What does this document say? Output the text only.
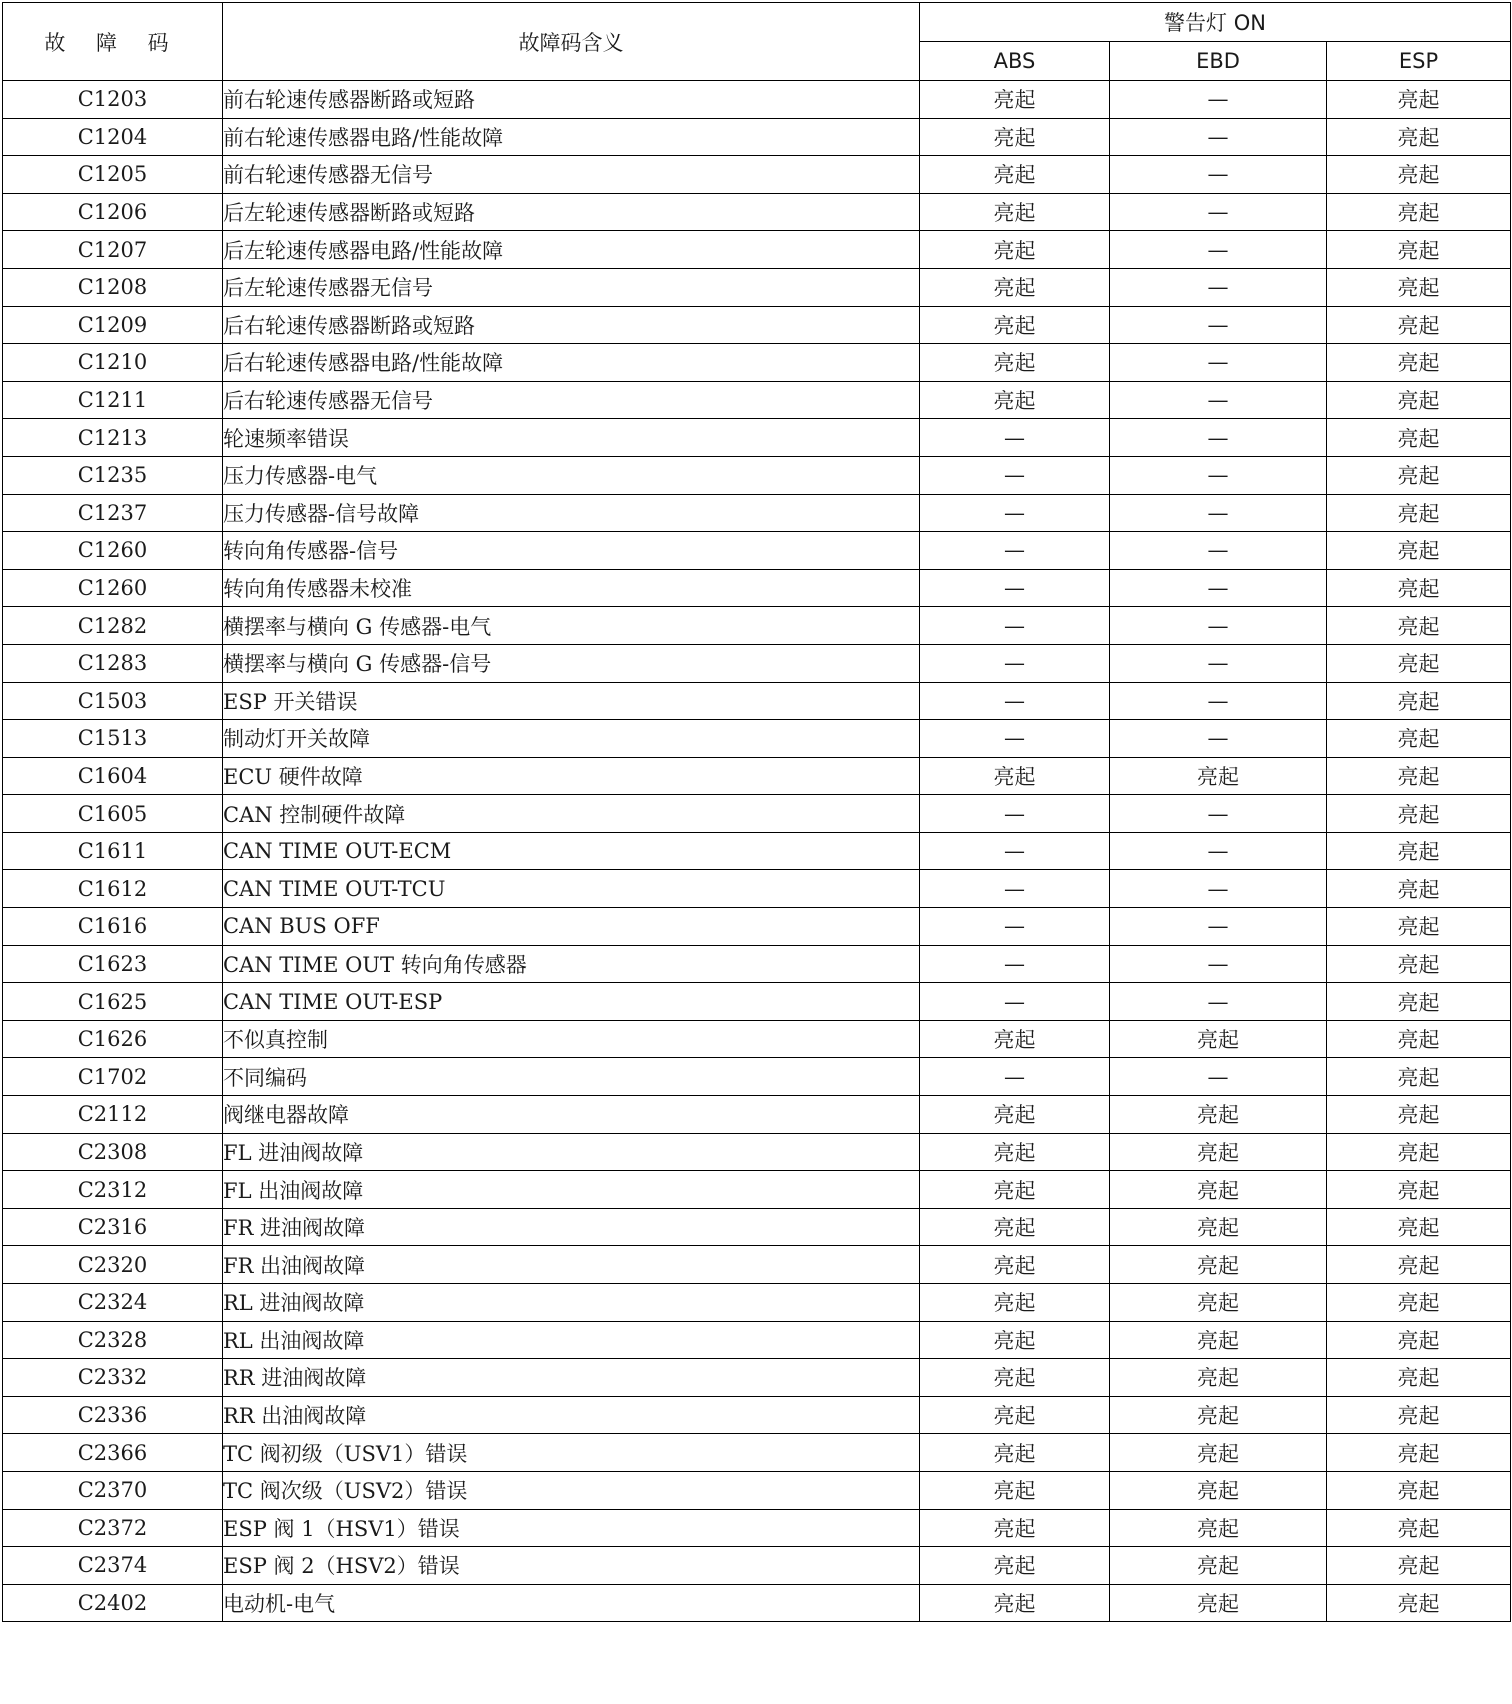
故 障 码	故障码含义	警告灯 ON		
		ABS	EBD	ESP
C1203	前右轮速传感器断路或短路	亮起	—	亮起
C1204	前右轮速传感器电路/性能故障	亮起	—	亮起
C1205	前右轮速传感器无信号	亮起	—	亮起
C1206	后左轮速传感器断路或短路	亮起	—	亮起
C1207	后左轮速传感器电路/性能故障	亮起	—	亮起
C1208	后左轮速传感器无信号	亮起	—	亮起
C1209	后右轮速传感器断路或短路	亮起	—	亮起
C1210	后右轮速传感器电路/性能故障	亮起	—	亮起
C1211	后右轮速传感器无信号	亮起	—	亮起
C1213	轮速频率错误	—	—	亮起
C1235	压力传感器-电气	—	—	亮起
C1237	压力传感器-信号故障	—	—	亮起
C1260	转向角传感器-信号	—	—	亮起
C1260	转向角传感器未校准	—	—	亮起
C1282	横摆率与横向 G 传感器-电气	—	—	亮起
C1283	横摆率与横向 G 传感器-信号	—	—	亮起
C1503	ESP 开关错误	—	—	亮起
C1513	制动灯开关故障	—	—	亮起
C1604	ECU 硬件故障	亮起	亮起	亮起
C1605	CAN 控制硬件故障	—	—	亮起
C1611	CAN TIME OUT-ECM	—	—	亮起
C1612	CAN TIME OUT-TCU	—	—	亮起
C1616	CAN BUS OFF	—	—	亮起
C1623	CAN TIME OUT 转向角传感器	—	—	亮起
C1625	CAN TIME OUT-ESP	—	—	亮起
C1626	不似真控制	亮起	亮起	亮起
C1702	不同编码	—	—	亮起
C2112	阀继电器故障	亮起	亮起	亮起
C2308	FL 进油阀故障	亮起	亮起	亮起
C2312	FL 出油阀故障	亮起	亮起	亮起
C2316	FR 进油阀故障	亮起	亮起	亮起
C2320	FR 出油阀故障	亮起	亮起	亮起
C2324	RL 进油阀故障	亮起	亮起	亮起
C2328	RL 出油阀故障	亮起	亮起	亮起
C2332	RR 进油阀故障	亮起	亮起	亮起
C2336	RR 出油阀故障	亮起	亮起	亮起
C2366	TC 阀初级（USV1）错误	亮起	亮起	亮起
C2370	TC 阀次级（USV2）错误	亮起	亮起	亮起
C2372	ESP 阀 1（HSV1）错误	亮起	亮起	亮起
C2374	ESP 阀 2（HSV2）错误	亮起	亮起	亮起
C2402	电动机-电气	亮起	亮起	亮起
